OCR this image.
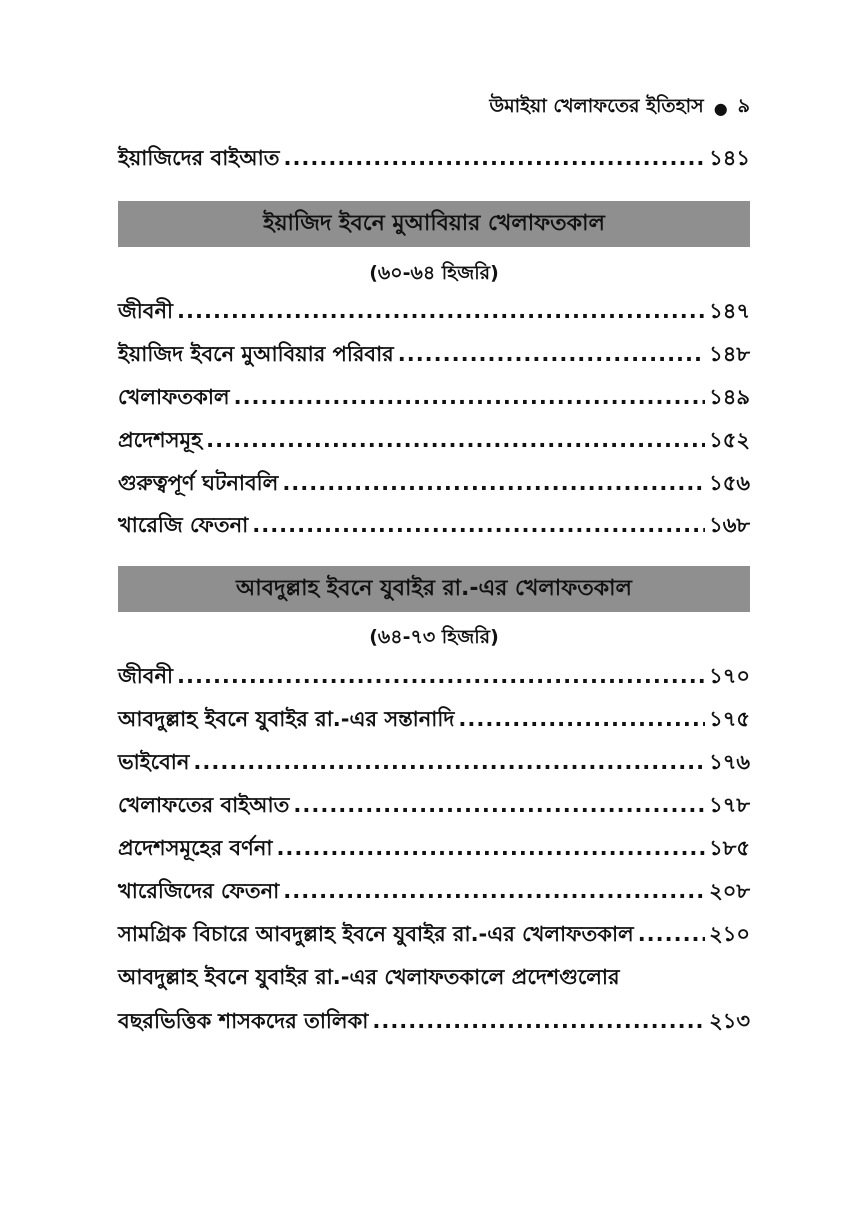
উমাইয়া খেলাফতের ইতিহাস ● ৯
ইয়াজিদের বাইআত .....	১৪১
ইয়াজিদ ইবনে মুআবিয়ার খেলাফতকাল
(৬০-৬৪ হিজরি)
জীবনী .....	১৪৭
ইয়াজিদ ইবনে মুআবিয়ার পরিবার .....	১৪৮
খেলাফতকাল .....	১৪৯
প্রদেশসমূহ .....	১৫২
গুরুত্বপূর্ণ ঘটনাবলি .....	১৫৬
খারেজি ফেতনা .....	১৬৮
আবদুল্লাহ ইবনে যুবাইর রা.-এর খেলাফতকাল
(৬৪-৭৩ হিজরি)
জীবনী .....	১৭০
আবদুল্লাহ ইবনে যুবাইর রা.-এর সন্তানাদি .....	১৭৫
ভাইবোন .....	১৭৬
খেলাফতের বাইআত .....	১৭৮
প্রদেশসমূহের বর্ণনা .....	১৮৫
খারেজিদের ফেতনা .....	২০৮
সামগ্রিক বিচারে আবদুল্লাহ ইবনে যুবাইর রা.-এর খেলাফতকাল .....	২১০
আবদুল্লাহ ইবনে যুবাইর রা.-এর খেলাফতকালে প্রদেশগুলোর
বছরভিত্তিক শাসকদের তালিকা .....	২১৩
